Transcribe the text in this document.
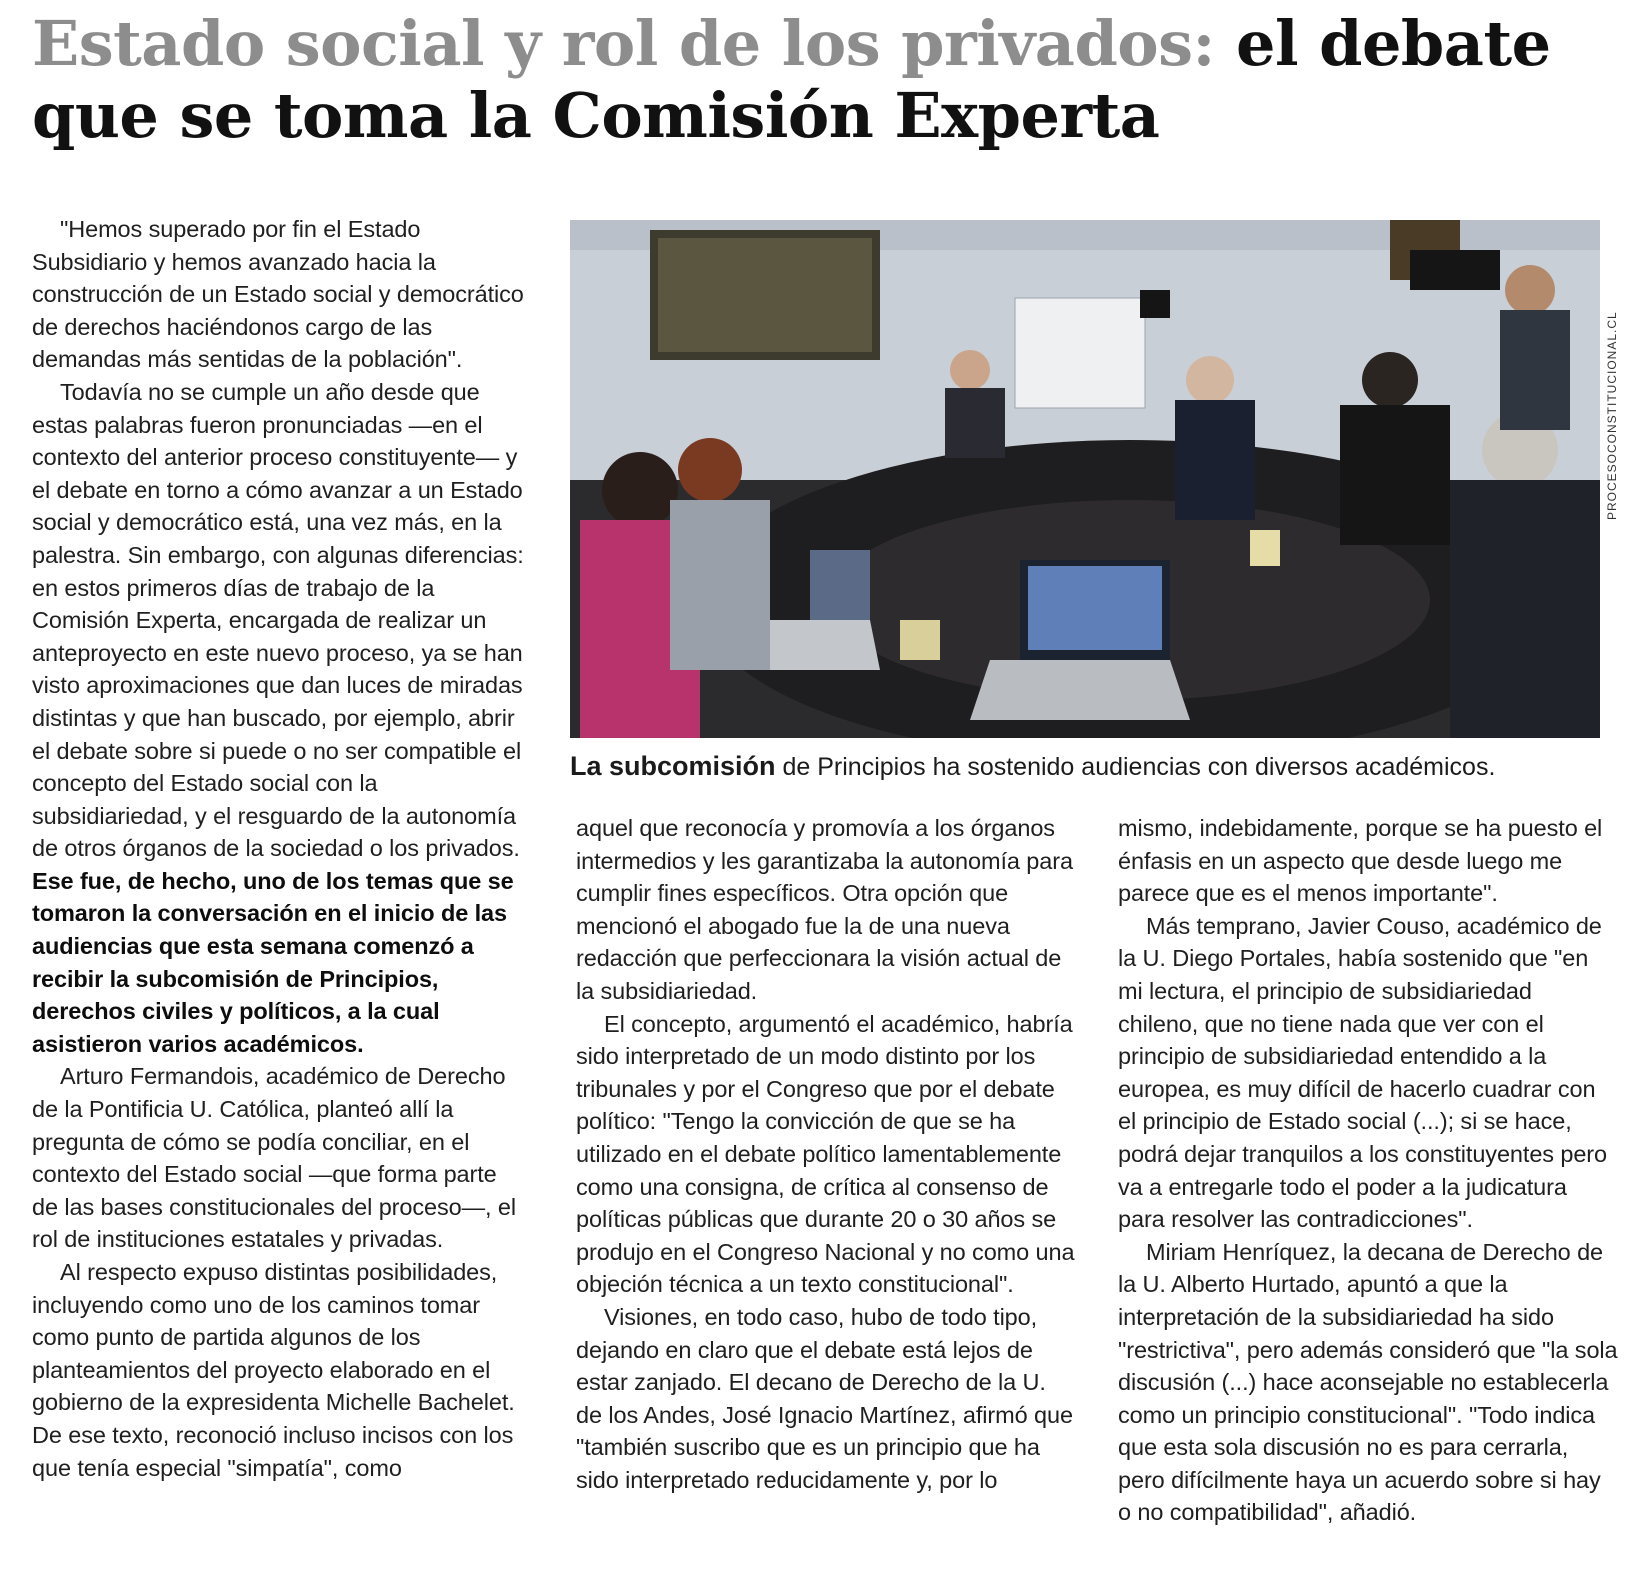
Estado social y rol de los privados: el debate que se toma la Comisión Experta

"Hemos superado por fin el Estado Subsidiario y hemos avanzado hacia la construcción de un Estado social y democrático de derechos haciéndonos cargo de las demandas más sentidas de la población".

Todavía no se cumple un año desde que estas palabras fueron pronunciadas —en el contexto del anterior proceso constituyente— y el debate en torno a cómo avanzar a un Estado social y democrático está, una vez más, en la palestra. Sin embargo, con algunas diferencias: en estos primeros días de trabajo de la Comisión Experta, encargada de realizar un anteproyecto en este nuevo proceso, ya se han visto aproximaciones que dan luces de miradas distintas y que han buscado, por ejemplo, abrir el debate sobre si puede o no ser compatible el concepto del Estado social con la subsidiariedad, y el resguardo de la autonomía de otros órganos de la sociedad o los privados.

Ese fue, de hecho, uno de los temas que se tomaron la conversación en el inicio de las audiencias que esta semana comenzó a recibir la subcomisión de Principios, derechos civiles y políticos, a la cual asistieron varios académicos.

Arturo Fermandois, académico de Derecho de la Pontificia U. Católica, planteó allí la pregunta de cómo se podía conciliar, en el contexto del Estado social —que forma parte de las bases constitucionales del proceso—, el rol de instituciones estatales y privadas.

Al respecto expuso distintas posibilidades, incluyendo como uno de los caminos tomar como punto de partida algunos de los planteamientos del proyecto elaborado en el gobierno de la expresidenta Michelle Bachelet. De ese texto, reconoció incluso incisos con los que tenía especial "simpatía", como

PROCESOCONSTITUCIONAL.CL
La subcomisión de Principios ha sostenido audiencias con diversos académicos.

aquel que reconocía y promovía a los órganos intermedios y les garantizaba la autonomía para cumplir fines específicos. Otra opción que mencionó el abogado fue la de una nueva redacción que perfeccionara la visión actual de la subsidiariedad.

El concepto, argumentó el académico, habría sido interpretado de un modo distinto por los tribunales y por el Congreso que por el debate político: "Tengo la convicción de que se ha utilizado en el debate político lamentablemente como una consigna, de crítica al consenso de políticas públicas que durante 20 o 30 años se produjo en el Congreso Nacional y no como una objeción técnica a un texto constitucional".

Visiones, en todo caso, hubo de todo tipo, dejando en claro que el debate está lejos de estar zanjado. El decano de Derecho de la U. de los Andes, José Ignacio Martínez, afirmó que "también suscribo que es un principio que ha sido interpretado reducidamente y, por lo

mismo, indebidamente, porque se ha puesto el énfasis en un aspecto que desde luego me parece que es el menos importante".

Más temprano, Javier Couso, académico de la U. Diego Portales, había sostenido que "en mi lectura, el principio de subsidiariedad chileno, que no tiene nada que ver con el principio de subsidiariedad entendido a la europea, es muy difícil de hacerlo cuadrar con el principio de Estado social (...); si se hace, podrá dejar tranquilos a los constituyentes pero va a entregarle todo el poder a la judicatura para resolver las contradicciones".

Miriam Henríquez, la decana de Derecho de la U. Alberto Hurtado, apuntó a que la interpretación de la subsidiariedad ha sido "restrictiva", pero además consideró que "la sola discusión (...) hace aconsejable no establecerla como un principio constitucional". "Todo indica que esta sola discusión no es para cerrarla, pero difícilmente haya un acuerdo sobre si hay o no compatibilidad", añadió.
